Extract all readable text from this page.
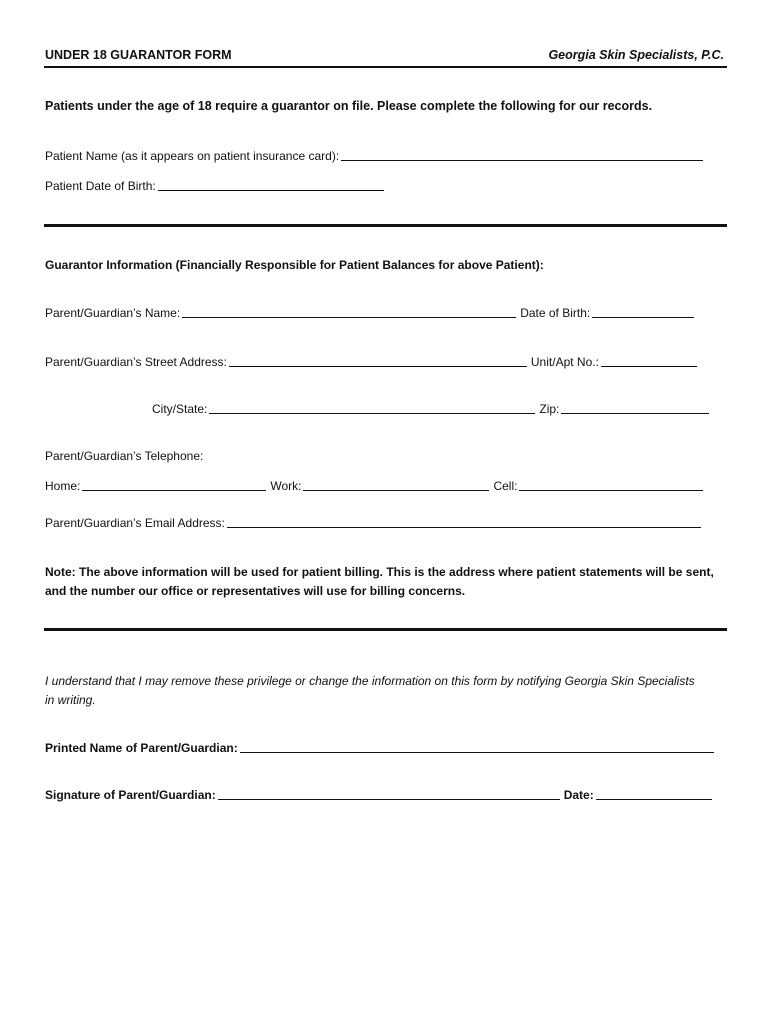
UNDER 18 GUARANTOR FORM	Georgia Skin Specialists, P.C.
Patients under the age of 18 require a guarantor on file. Please complete the following for our records.
Patient Name (as it appears on patient insurance card):
Patient Date of Birth:
Guarantor Information (Financially Responsible for Patient Balances for above Patient):
Parent/Guardian’s Name:	Date of Birth:
Parent/Guardian’s Street Address:	Unit/Apt No.:
City/State:	Zip:
Parent/Guardian’s Telephone:
Home:	Work:	Cell:
Parent/Guardian’s Email Address:
Note: The above information will be used for patient billing. This is the address where patient statements will be sent, and the number our office or representatives will use for billing concerns.
I understand that I may remove these privilege or change the information on this form by notifying Georgia Skin Specialists in writing.
Printed Name of Parent/Guardian:
Signature of Parent/Guardian:	Date:
